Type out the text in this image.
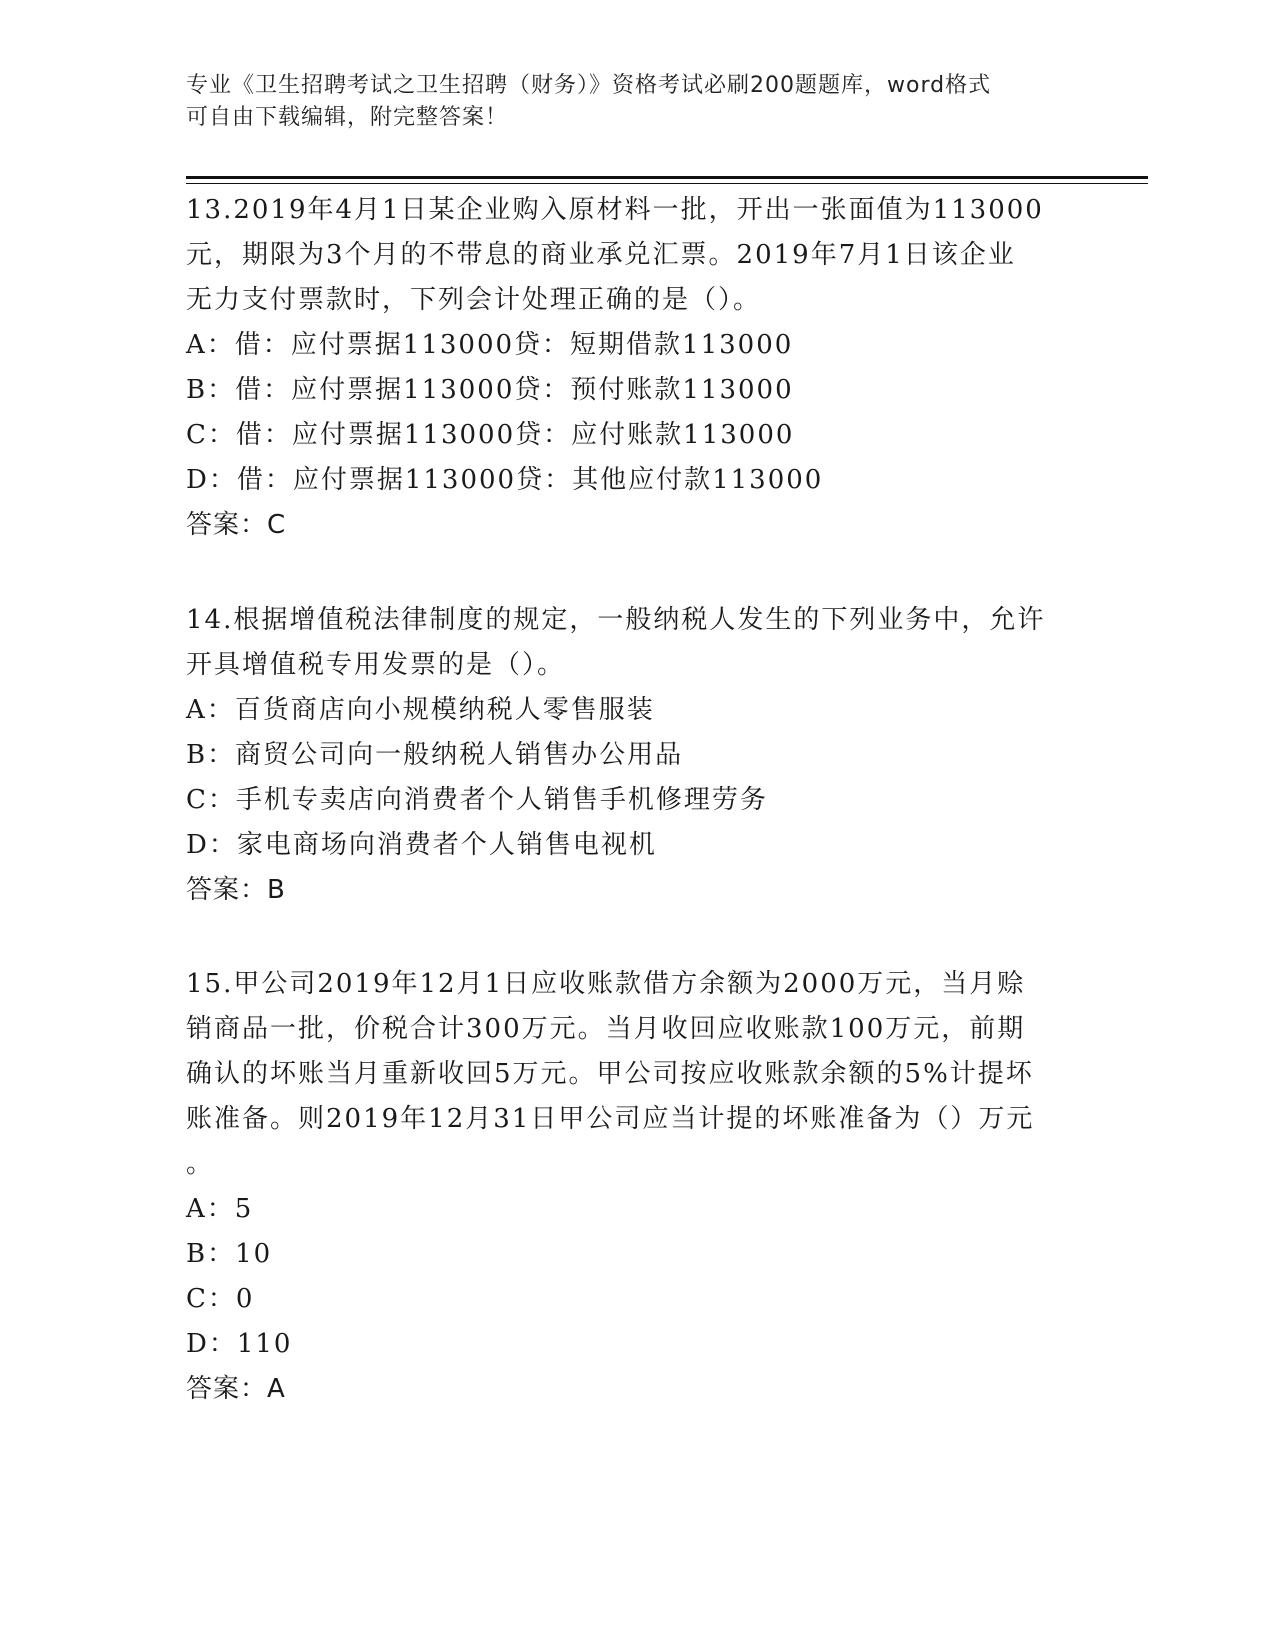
专业《卫生招聘考试之卫生招聘（财务）》资格考试必刷200题题库，word格式
可自由下载编辑，附完整答案！
13.2019年4月1日某企业购入原材料一批，开出一张面值为113000
元，期限为3个月的不带息的商业承兑汇票。2019年7月1日该企业
无力支付票款时，下列会计处理正确的是（）。
A：借：应付票据113000贷：短期借款113000
B：借：应付票据113000贷：预付账款113000
C：借：应付票据113000贷：应付账款113000
D：借：应付票据113000贷：其他应付款113000
答案：C
14.根据增值税法律制度的规定，一般纳税人发生的下列业务中，允许
开具增值税专用发票的是（）。
A：百货商店向小规模纳税人零售服装
B：商贸公司向一般纳税人销售办公用品
C：手机专卖店向消费者个人销售手机修理劳务
D：家电商场向消费者个人销售电视机
答案：B
15.甲公司2019年12月1日应收账款借方余额为2000万元，当月赊
销商品一批，价税合计300万元。当月收回应收账款100万元，前期
确认的坏账当月重新收回5万元。甲公司按应收账款余额的5%计提坏
账准备。则2019年12月31日甲公司应当计提的坏账准备为（）万元
。
A：5
B：10
C：0
D：110
答案：A
